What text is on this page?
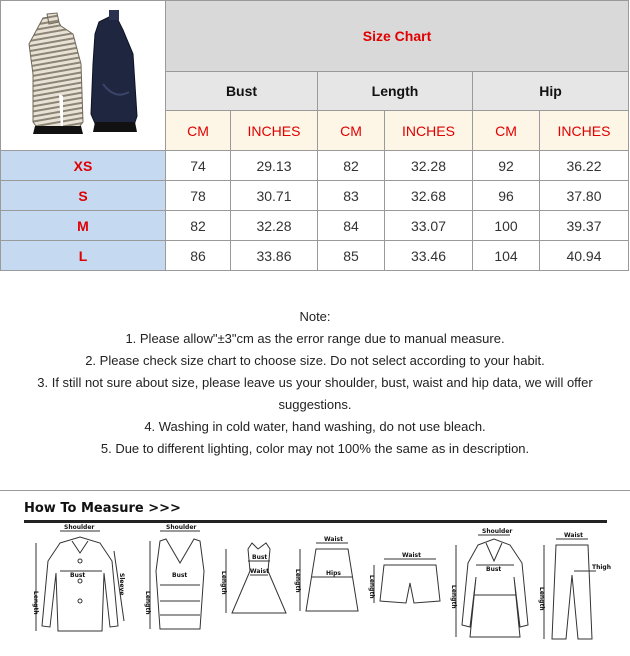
	Size Chart					
	Bust		Length		Hip	
	CM	INCHES	CM	INCHES	CM	INCHES
XS	74	29.13	82	32.28	92	36.22
S	78	30.71	83	32.68	96	37.80
M	82	32.28	84	33.07	100	39.37
L	86	33.86	85	33.46	104	40.94
Note:
1. Please allow"±3"cm as the error range due to manual measure.
2. Please check size chart to choose size. Do not select according to your habit.
3. If still not sure about size, please leave us your shoulder, bust, waist and hip data, we will offer
suggestions.
4. Washing in cold water, hand washing, do not use bleach.
5. Due to different lighting, color may not 100% the same as in description.
How To Measure >>>
Shoulder
Bust
Length
Sleeve
Shoulder
Bust
Length
Bust
Waist
Length
Waist
Hips
Length
Waist
Length
Shoulder
Bust
Length
Waist
Thigh
Length
